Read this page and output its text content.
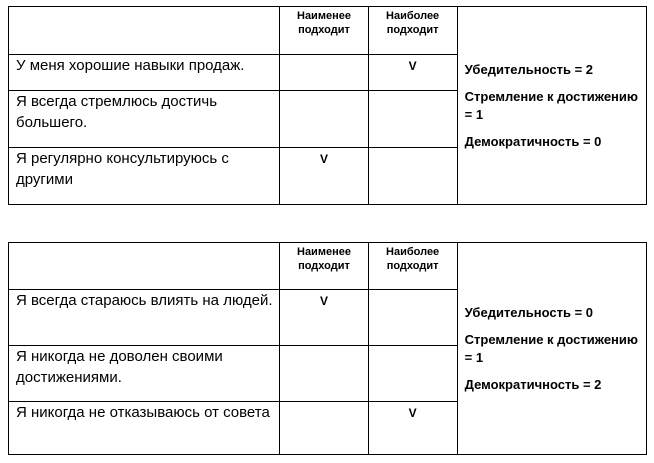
	Наименее подходит	Наиболее подходит	Убедительность = 2
Стремление к достижению = 1
Демократичность = 0

У меня хорошие навыки продаж.		V	
Я всегда стремлюсь достичь большего.			
Я регулярно консультируюсь с другими	V		
	Наименее подходит	Наиболее подходит	Убедительность = 0
Стремление к достижению = 1
Демократичность = 2

Я всегда стараюсь влиять на людей.	V		
Я никогда не доволен своими достижениями.			
Я никогда не отказываюсь от совета		V	
